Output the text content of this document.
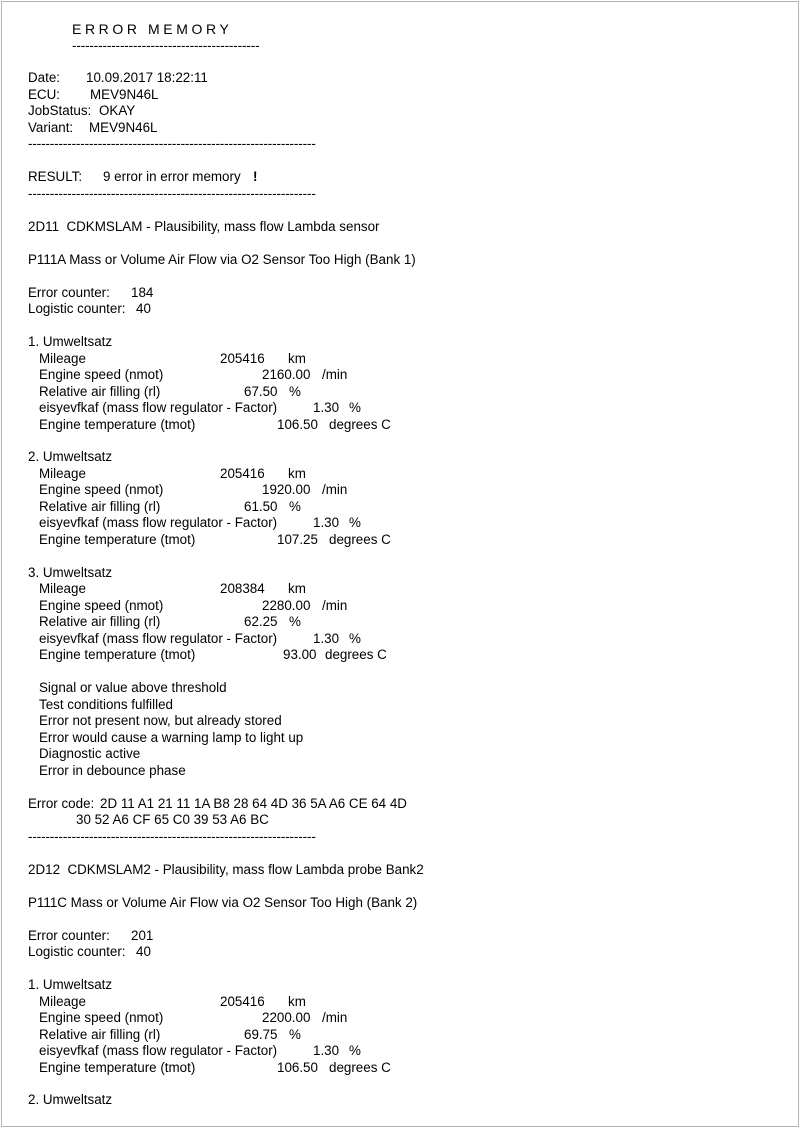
ERROR MEMORY
-------------------------------------------
Date: 10.09.2017 18:22:11
ECU: MEV9N46L
JobStatus: OKAY
Variant: MEV9N46L
------------------------------------------------------------------
RESULT: 9 error in error memory !
------------------------------------------------------------------
2D11  CDKMSLAM - Plausibility, mass flow Lambda sensor
P111A Mass or Volume Air Flow via O2 Sensor Too High (Bank 1)
Error counter: 184
Logistic counter: 40
1. Umweltsatz
Mileage	205416 km
Engine speed (nmot)	2160.00 /min
Relative air filling (rl)	67.50 %
eisyevfkaf (mass flow regulator - Factor)	1.30 %
Engine temperature (tmot)	106.50 degrees C
2. Umweltsatz
Mileage	205416 km
Engine speed (nmot)	1920.00 /min
Relative air filling (rl)	61.50 %
eisyevfkaf (mass flow regulator - Factor)	1.30 %
Engine temperature (tmot)	107.25 degrees C
3. Umweltsatz
Mileage	208384 km
Engine speed (nmot)	2280.00 /min
Relative air filling (rl)	62.25 %
eisyevfkaf (mass flow regulator - Factor)	1.30 %
Engine temperature (tmot)	93.00 degrees C
Signal or value above threshold
Test conditions fulfilled
Error not present now, but already stored
Error would cause a warning lamp to light up
Diagnostic active
Error in debounce phase
Error code: 2D 11 A1 21 11 1A B8 28 64 4D 36 5A A6 CE 64 4D
30 52 A6 CF 65 C0 39 53 A6 BC
------------------------------------------------------------------
2D12  CDKMSLAM2 - Plausibility, mass flow Lambda probe Bank2
P111C Mass or Volume Air Flow via O2 Sensor Too High (Bank 2)
Error counter: 201
Logistic counter: 40
1. Umweltsatz
Mileage	205416 km
Engine speed (nmot)	2200.00 /min
Relative air filling (rl)	69.75 %
eisyevfkaf (mass flow regulator - Factor)	1.30 %
Engine temperature (tmot)	106.50 degrees C
2. Umweltsatz
